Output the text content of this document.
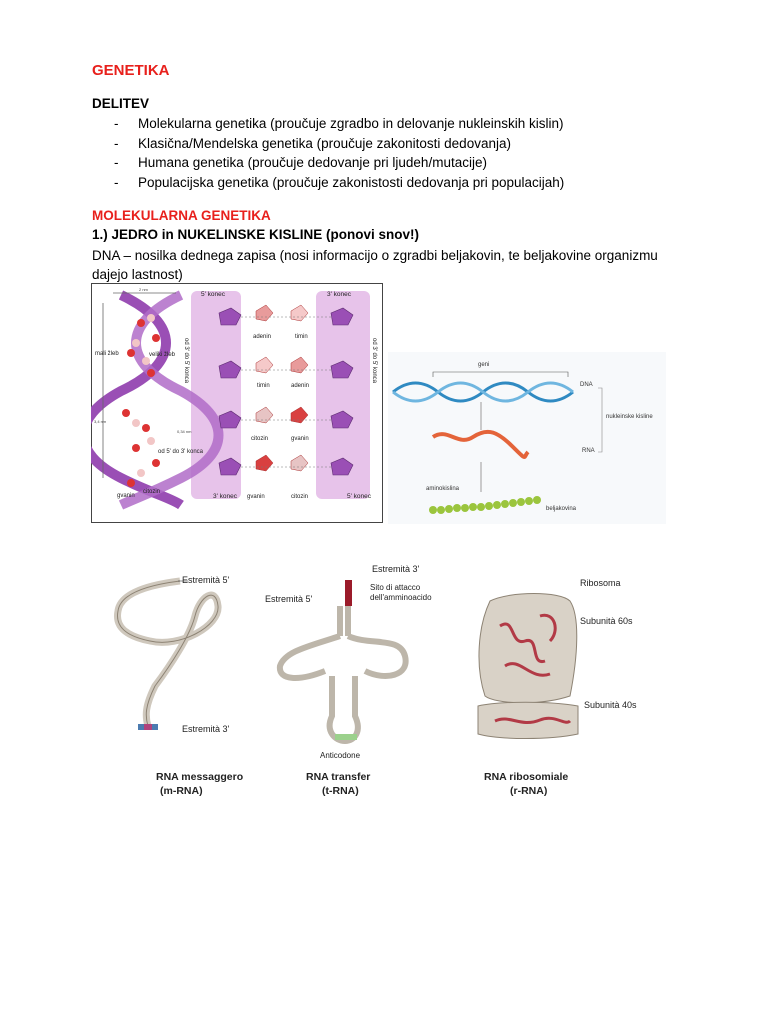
GENETIKA
DELITEV
- Molekularna genetika (proučuje zgradbo in delovanje nukleinskih kislin)
- Klasična/Mendelska genetika (proučuje zakonitosti dedovanja)
- Humana genetika (proučuje dedovanje pri ljudeh/mutacije)
- Populacijska genetika (proučuje zakonistosti dedovanja pri populacijah)
MOLEKULARNA GENETIKA
1.) JEDRO in NUKELINSKE KISLINE (ponovi snov!)
DNA – nosilka dednega zapisa (nosi informacijo o zgradbi beljakovin, te beljakovine organizmu dajejo lastnost)
2 nm
3,4 nm
0,34 nm
mali žleb	veliki žleb
od 5' do 3' konca
od 3' do 5' konca	od 3' do 5' konca
5' konec	3' konec
3' konec	5' konec
adenin	timin
timin	adenin
citozin	gvanin
gvanin	citozin
gvanin
citozin
geni
DNA
nukleinske kisline
RNA
aminokislina
beljakovina
Estremità 5'
Estremità 3'
RNA messaggero
(m-RNA)
Estremità 3'
Sito di attacco
dell'amminoacido
Estremità 5'
Anticodone
RNA transfer
(t-RNA)
Ribosoma
Subunità 60s
Subunità 40s
RNA ribosomiale
(r-RNA)
